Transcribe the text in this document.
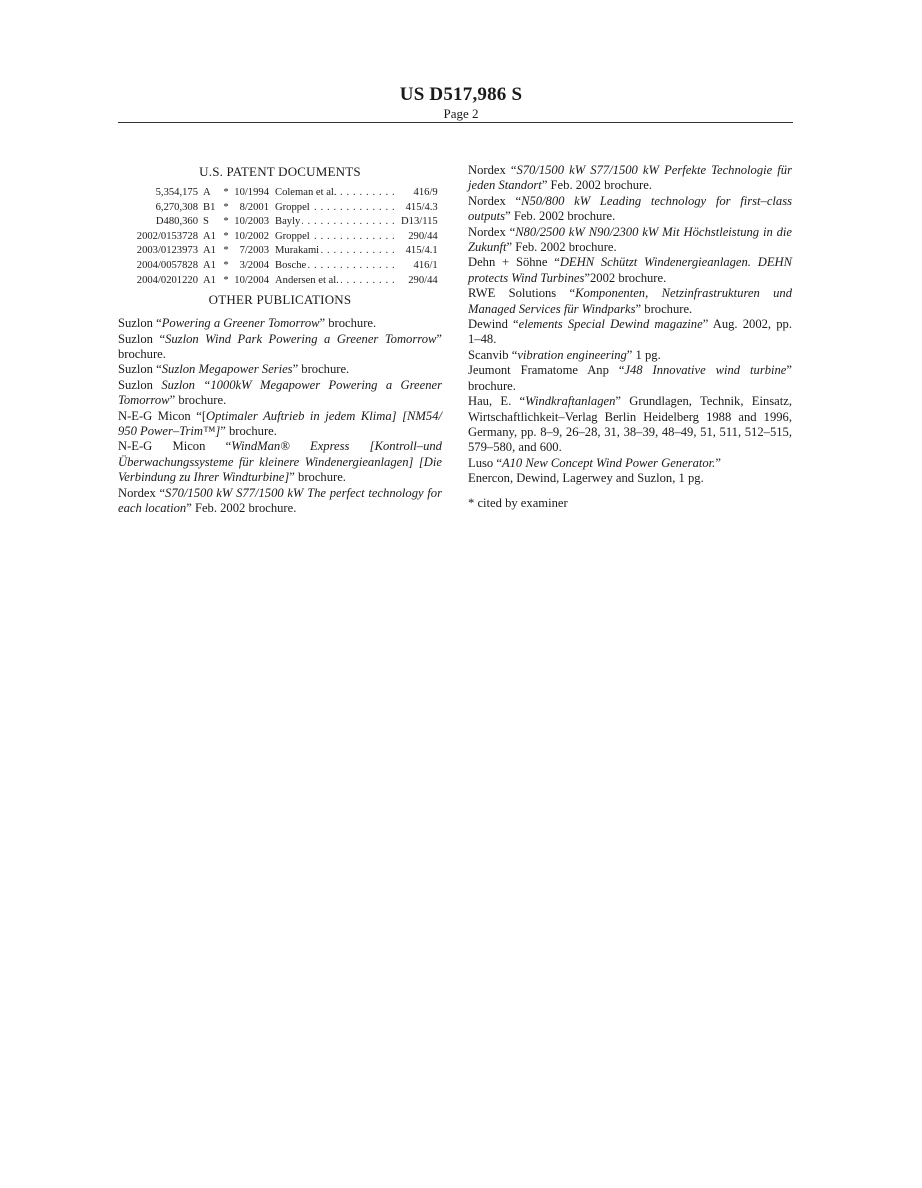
US D517,986 S
Page 2

U.S. PATENT DOCUMENTS

5,354,175	A	*	10/1994	Coleman et al. . . .	416/9
6,270,308	B1	*	8/2001	Groppel . . .	415/4.3
D480,360	S	*	10/2003	Bayly . . .	D13/115
2002/0153728	A1	*	10/2002	Groppel . . .	290/44
2003/0123973	A1	*	7/2003	Murakami . . .	415/4.1
2004/0057828	A1	*	3/2004	Bosche . . .	416/1
2004/0201220	A1	*	10/2004	Andersen et al. . . .	290/44

OTHER PUBLICATIONS

Suzlon “Powering a Greener Tomorrow” brochure.

Suzlon “Suzlon Wind Park Powering a Greener Tomorrow” brochure.

Suzlon “Suzlon Megapower Series” brochure.

Suzlon Suzlon “1000kW Megapower Powering a Greener Tomorrow” brochure.

N-E-G Micon “[Optimaler Auftrieb in jedem Klima] [NM54/ 950 Power–Trim™]” brochure.

N-E-G Micon “WindMan® Express [Kontroll–und Überwachungssysteme für kleinere Windenergieanlagen] [Die Verbindung zu Ihrer Windturbine]” brochure.

Nordex “S70/1500 kW S77/1500 kW The perfect technology for each location” Feb. 2002 brochure.

Nordex “S70/1500 kW S77/1500 kW Perfekte Technologie für jeden Standort” Feb. 2002 brochure.

Nordex “N50/800 kW Leading technology for first–class outputs” Feb. 2002 brochure.

Nordex “N80/2500 kW N90/2300 kW Mit Höchstleistung in die Zukunft” Feb. 2002 brochure.

Dehn + Söhne “DEHN Schützt Windenergieanlagen. DEHN protects Wind Turbines”2002 brochure.

RWE Solutions “Komponenten, Netzinfrastrukturen und Managed Services für Windparks” brochure.

Dewind “elements Special Dewind magazine” Aug. 2002, pp. 1–48.

Scanvib “vibration engineering” 1 pg.

Jeumont Framatome Anp “J48 Innovative wind turbine” brochure.

Hau, E. “Windkraftanlagen” Grundlagen, Technik, Einsatz, Wirtschaftlichkeit–Verlag Berlin Heidelberg 1988 and 1996, Germany, pp. 8–9, 26–28, 31, 38–39, 48–49, 51, 511, 512–515, 579–580, and 600.

Luso “A10 New Concept Wind Power Generator.”

Enercon, Dewind, Lagerwey and Suzlon, 1 pg.

* cited by examiner
